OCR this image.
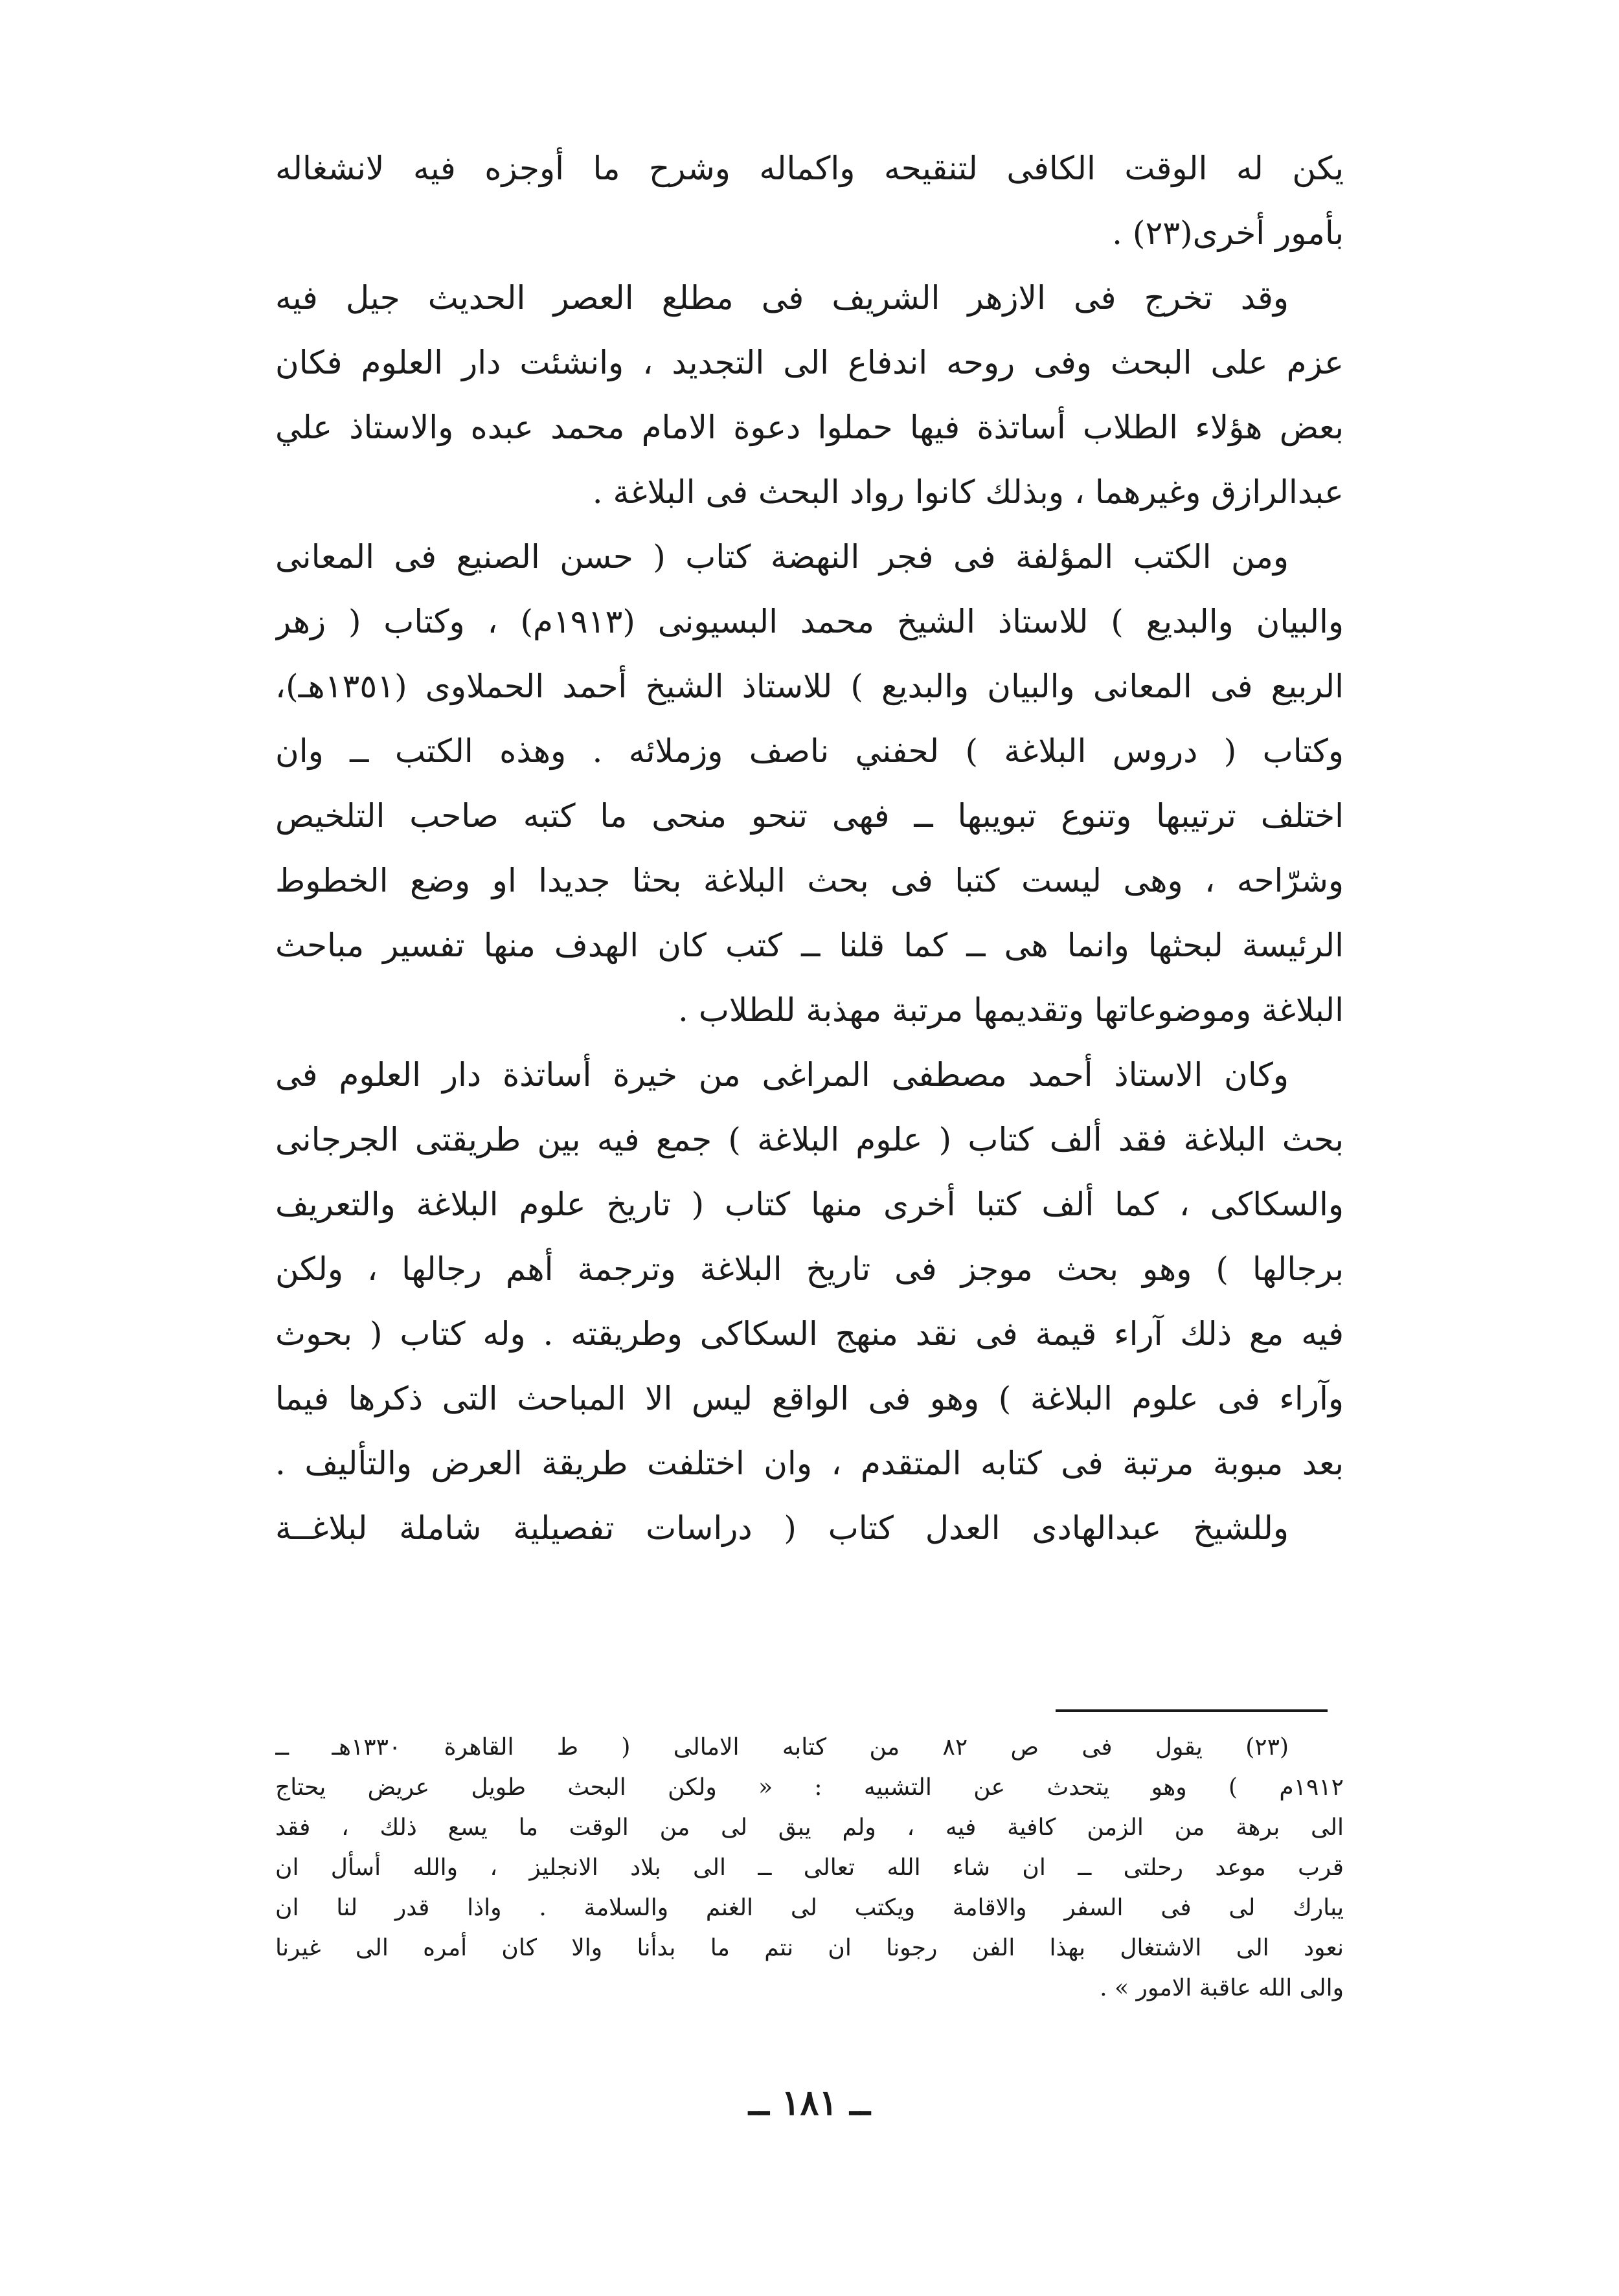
يكن له الوقت الكافى لتنقيحه واكماله وشرح ما أوجزه فيه لانشغاله
بأمور أخرى(٢٣) .
وقد تخرج فى الازهر الشريف فى مطلع العصر الحديث جيل فيه
عزم على البحث وفى روحه اندفاع الى التجديد ، وانشئت دار العلوم فكان
بعض هؤلاء الطلاب أساتذة فيها حملوا دعوة الامام محمد عبده والاستاذ علي
عبدالرازق وغيرهما ، وبذلك كانوا رواد البحث فى البلاغة .
ومن الكتب المؤلفة فى فجر النهضة كتاب ( حسن الصنيع فى المعانى
والبيان والبديع ) للاستاذ الشيخ محمد البسيونى (١٩١٣م) ، وكتاب ( زهر
الربيع فى المعانى والبيان والبديع ) للاستاذ الشيخ أحمد الحملاوى (١٣٥١هـ)،
وكتاب ( دروس البلاغة ) لحفني ناصف وزملائه . وهذه الكتب ــ وان
اختلف ترتيبها وتنوع تبويبها ــ فهى تنحو منحى ما كتبه صاحب التلخيص
وشرّاحه ، وهى ليست كتبا فى بحث البلاغة بحثا جديدا او وضع الخطوط
الرئيسة لبحثها وانما هى ــ كما قلنا ــ كتب كان الهدف منها تفسير مباحث
البلاغة وموضوعاتها وتقديمها مرتبة مهذبة للطلاب .
وكان الاستاذ أحمد مصطفى المراغى من خيرة أساتذة دار العلوم فى
بحث البلاغة فقد ألف كتاب ( علوم البلاغة ) جمع فيه بين طريقتى الجرجانى
والسكاكى ، كما ألف كتبا أخرى منها كتاب ( تاريخ علوم البلاغة والتعريف
برجالها ) وهو بحث موجز فى تاريخ البلاغة وترجمة أهم رجالها ، ولكن
فيه مع ذلك آراء قيمة فى نقد منهج السكاكى وطريقته . وله كتاب ( بحوث
وآراء فى علوم البلاغة ) وهو فى الواقع ليس الا المباحث التى ذكرها فيما
بعد مبوبة مرتبة فى كتابه المتقدم ، وان اختلفت طريقة العرض والتأليف .
وللشيخ عبدالهادى العدل كتاب ( دراسات تفصيلية شاملة لبلاغــة
(٢٣) يقول فى ص ٨٢ من كتابه الامالى ( ط القاهرة ١٣٣٠هـ ــ
١٩١٢م ) وهو يتحدث عن التشبيه : « ولكن البحث طويل عريض يحتاج
الى برهة من الزمن كافية فيه ، ولم يبق لى من الوقت ما يسع ذلك ، فقد
قرب موعد رحلتى ــ ان شاء الله تعالى ــ الى بلاد الانجليز ، والله أسأل ان
يبارك لى فى السفر والاقامة ويكتب لى الغنم والسلامة . واذا قدر لنا ان
نعود الى الاشتغال بهذا الفن رجونا ان نتم ما بدأنا والا كان أمره الى غيرنا
والى الله عاقبة الامور » .
ــ ١٨١ ــ
